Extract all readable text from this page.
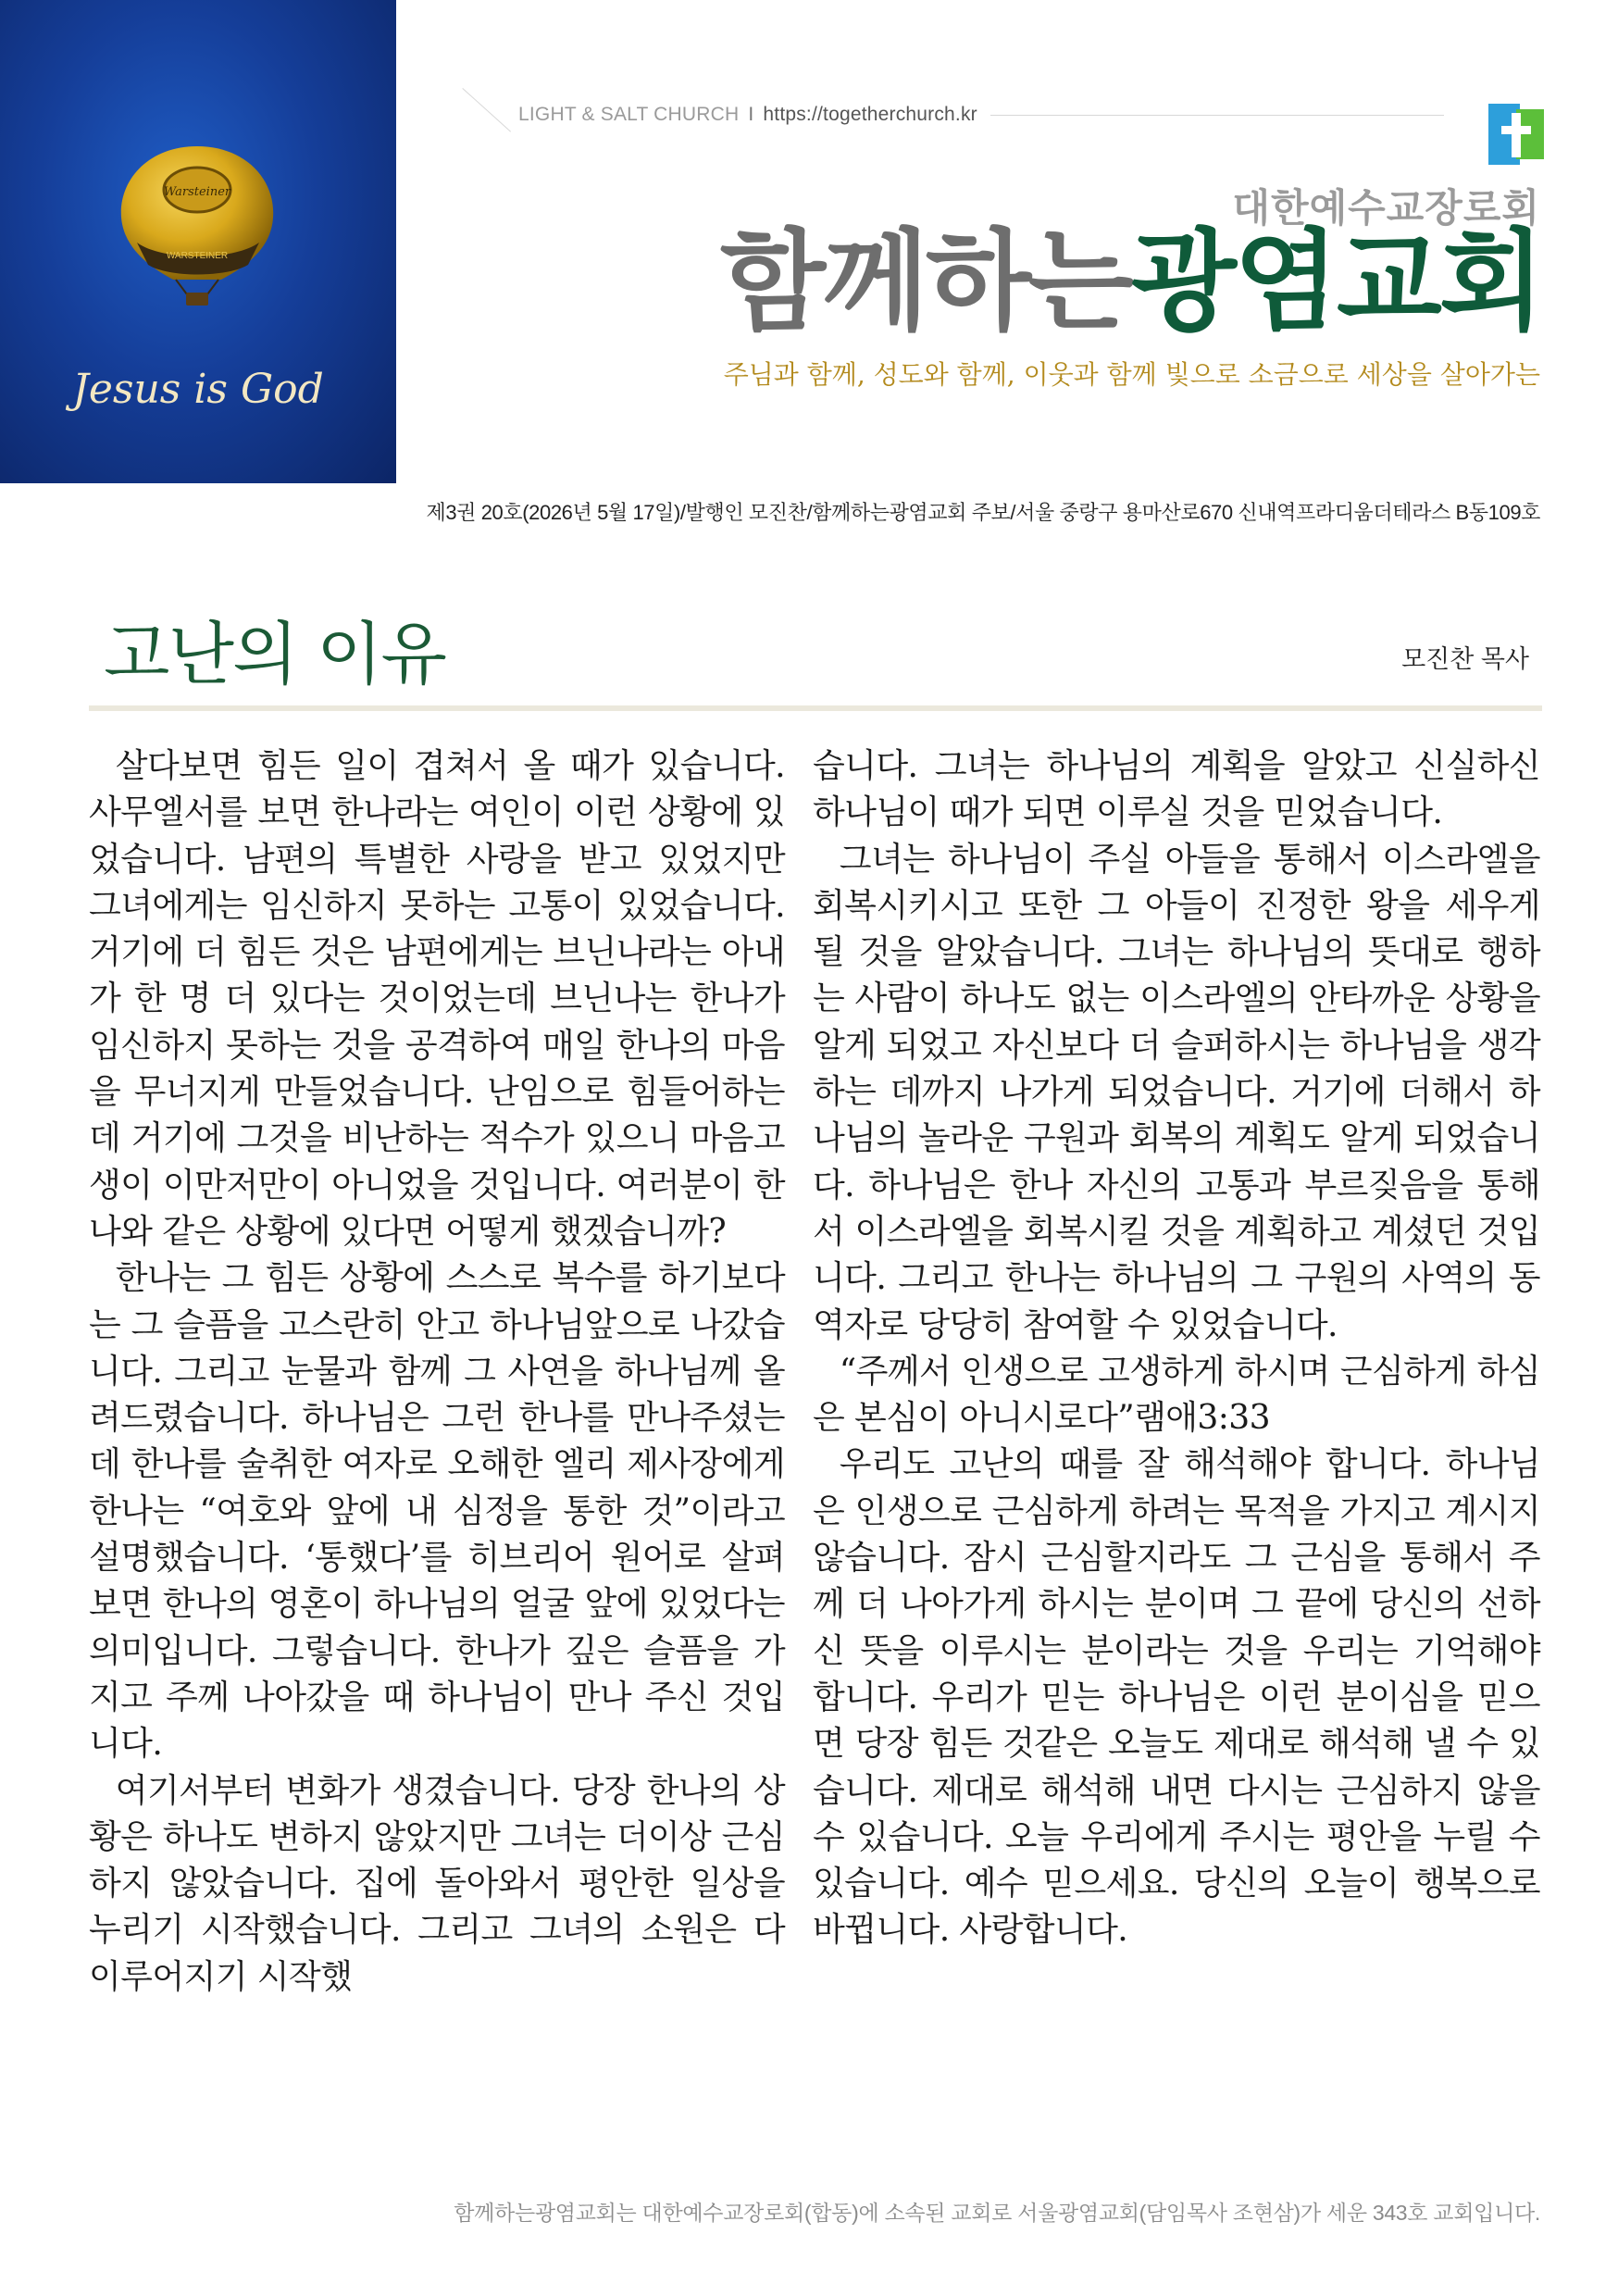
Warsteiner
WARSTEINER
Jesus is God
LIGHT & SALT CHURCH I https://togetherchurch.kr
대한예수교장로회
함께하는광염교회
주님과 함께, 성도와 함께, 이웃과 함께 빛으로 소금으로 세상을 살아가는
제3권 20호(2026년 5월 17일)/발행인 모진찬/함께하는광염교회 주보/서울 중랑구 용마산로670 신내역프라디움더테라스 B동109호
고난의 이유	모진찬 목사

살다보면 힘든 일이 겹쳐서 올 때가 있습니다. 사무엘서를 보면 한나라는 여인이 이런 상황에 있었습니다. 남편의 특별한 사랑을 받고 있었지만 그녀에게는 임신하지 못하는 고통이 있었습니다. 거기에 더 힘든 것은 남편에게는 브닌나라는 아내가 한 명 더 있다는 것이었는데 브닌나는 한나가 임신하지 못하는 것을 공격하여 매일 한나의 마음을 무너지게 만들었습니다. 난임으로 힘들어하는데 거기에 그것을 비난하는 적수가 있으니 마음고생이 이만저만이 아니었을 것입니다. 여러분이 한나와 같은 상황에 있다면 어떻게 했겠습니까?

한나는 그 힘든 상황에 스스로 복수를 하기보다는 그 슬픔을 고스란히 안고 하나님앞으로 나갔습니다. 그리고 눈물과 함께 그 사연을 하나님께 올려드렸습니다. 하나님은 그런 한나를 만나주셨는데 한나를 술취한 여자로 오해한 엘리 제사장에게 한나는 “여호와 앞에 내 심정을 통한 것”이라고 설명했습니다. ‘통했다’를 히브리어 원어로 살펴보면 한나의 영혼이 하나님의 얼굴 앞에 있었다는 의미입니다. 그렇습니다. 한나가 깊은 슬픔을 가지고 주께 나아갔을 때 하나님이 만나 주신 것입니다.

여기서부터 변화가 생겼습니다. 당장 한나의 상황은 하나도 변하지 않았지만 그녀는 더이상 근심하지 않았습니다. 집에 돌아와서 평안한 일상을 누리기 시작했습니다. 그리고 그녀의 소원은 다 이루어지기 시작했

습니다. 그녀는 하나님의 계획을 알았고 신실하신 하나님이 때가 되면 이루실 것을 믿었습니다.

그녀는 하나님이 주실 아들을 통해서 이스라엘을 회복시키시고 또한 그 아들이 진정한 왕을 세우게 될 것을 알았습니다. 그녀는 하나님의 뜻대로 행하는 사람이 하나도 없는 이스라엘의 안타까운 상황을 알게 되었고 자신보다 더 슬퍼하시는 하나님을 생각하는 데까지 나가게 되었습니다. 거기에 더해서 하나님의 놀라운 구원과 회복의 계획도 알게 되었습니다. 하나님은 한나 자신의 고통과 부르짖음을 통해서 이스라엘을 회복시킬 것을 계획하고 계셨던 것입니다. 그리고 한나는 하나님의 그 구원의 사역의 동역자로 당당히 참여할 수 있었습니다.

“주께서 인생으로 고생하게 하시며 근심하게 하심은 본심이 아니시로다”램애3:33

우리도 고난의 때를 잘 해석해야 합니다. 하나님은 인생으로 근심하게 하려는 목적을 가지고 계시지 않습니다. 잠시 근심할지라도 그 근심을 통해서 주께 더 나아가게 하시는 분이며 그 끝에 당신의 선하신 뜻을 이루시는 분이라는 것을 우리는 기억해야 합니다. 우리가 믿는 하나님은 이런 분이심을 믿으면 당장 힘든 것같은 오늘도 제대로 해석해 낼 수 있습니다. 제대로 해석해 내면 다시는 근심하지 않을 수 있습니다. 오늘 우리에게 주시는 평안을 누릴 수 있습니다. 예수 믿으세요. 당신의 오늘이 행복으로 바뀝니다. 사랑합니다.

함께하는광염교회는 대한예수교장로회(합동)에 소속된 교회로 서울광염교회(담임목사 조현삼)가 세운 343호 교회입니다.
